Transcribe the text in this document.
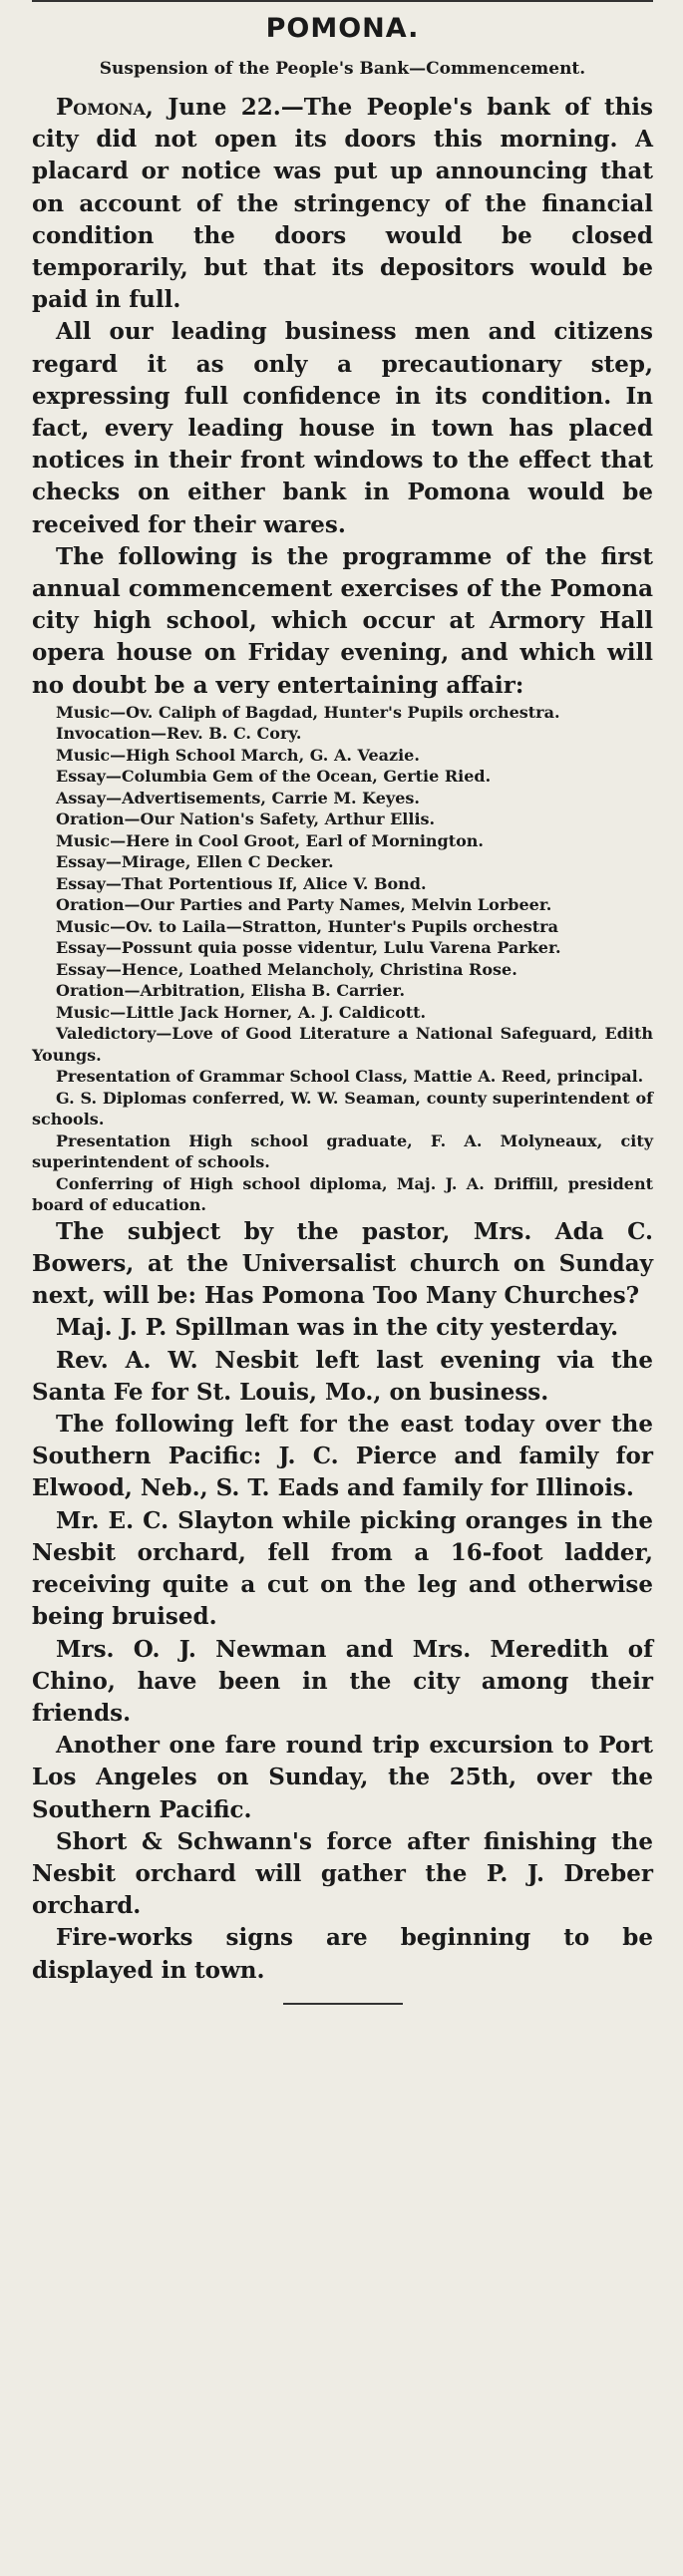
POMONA.
Suspension of the People's Bank—Commencement.

Pomona, June 22.—The People's bank of this city did not open its doors this morning. A placard or notice was put up announcing that on account of the stringency of the financial condition the doors would be closed temporarily, but that its depositors would be paid in full.

All our leading business men and citizens regard it as only a precautionary step, expressing full confidence in its condition. In fact, every leading house in town has placed notices in their front windows to the effect that checks on either bank in Pomona would be received for their wares.

The following is the programme of the first annual commencement exercises of the Pomona city high school, which occur at Armory Hall opera house on Friday evening, and which will no doubt be a very entertaining affair:

Music—Ov. Caliph of Bagdad, Hunter's Pupils orchestra.

Invocation—Rev. B. C. Cory.

Music—High School March, G. A. Veazie.

Essay—Columbia Gem of the Ocean, Gertie Ried.

Assay—Advertisements, Carrie M. Keyes.

Oration—Our Nation's Safety, Arthur Ellis.

Music—Here in Cool Groot, Earl of Mornington.

Essay—Mirage, Ellen C Decker.

Essay—That Portentious If, Alice V. Bond.

Oration—Our Parties and Party Names, Melvin Lorbeer.

Music—Ov. to Laila—Stratton, Hunter's Pupils orchestra

Essay—Possunt quia posse videntur, Lulu Varena Parker.

Essay—Hence, Loathed Melancholy, Christina Rose.

Oration—Arbitration, Elisha B. Carrier.

Music—Little Jack Horner, A. J. Caldicott.

Valedictory—Love of Good Literature a National Safeguard, Edith Youngs.

Presentation of Grammar School Class, Mattie A. Reed, principal.

G. S. Diplomas conferred, W. W. Seaman, county superintendent of schools.

Presentation High school graduate, F. A. Molyneaux, city superintendent of schools.

Conferring of High school diploma, Maj. J. A. Driffill, president board of education.

The subject by the pastor, Mrs. Ada C. Bowers, at the Universalist church on Sunday next, will be: Has Pomona Too Many Churches?

Maj. J. P. Spillman was in the city yesterday.

Rev. A. W. Nesbit left last evening via the Santa Fe for St. Louis, Mo., on business.

The following left for the east today over the Southern Pacific: J. C. Pierce and family for Elwood, Neb., S. T. Eads and family for Illinois.

Mr. E. C. Slayton while picking oranges in the Nesbit orchard, fell from a 16-foot ladder, receiving quite a cut on the leg and otherwise being bruised.

Mrs. O. J. Newman and Mrs. Meredith of Chino, have been in the city among their friends.

Another one fare round trip excursion to Port Los Angeles on Sunday, the 25th, over the Southern Pacific.

Short & Schwann's force after finishing the Nesbit orchard will gather the P. J. Dreber orchard.

Fire-works signs are beginning to be displayed in town.
